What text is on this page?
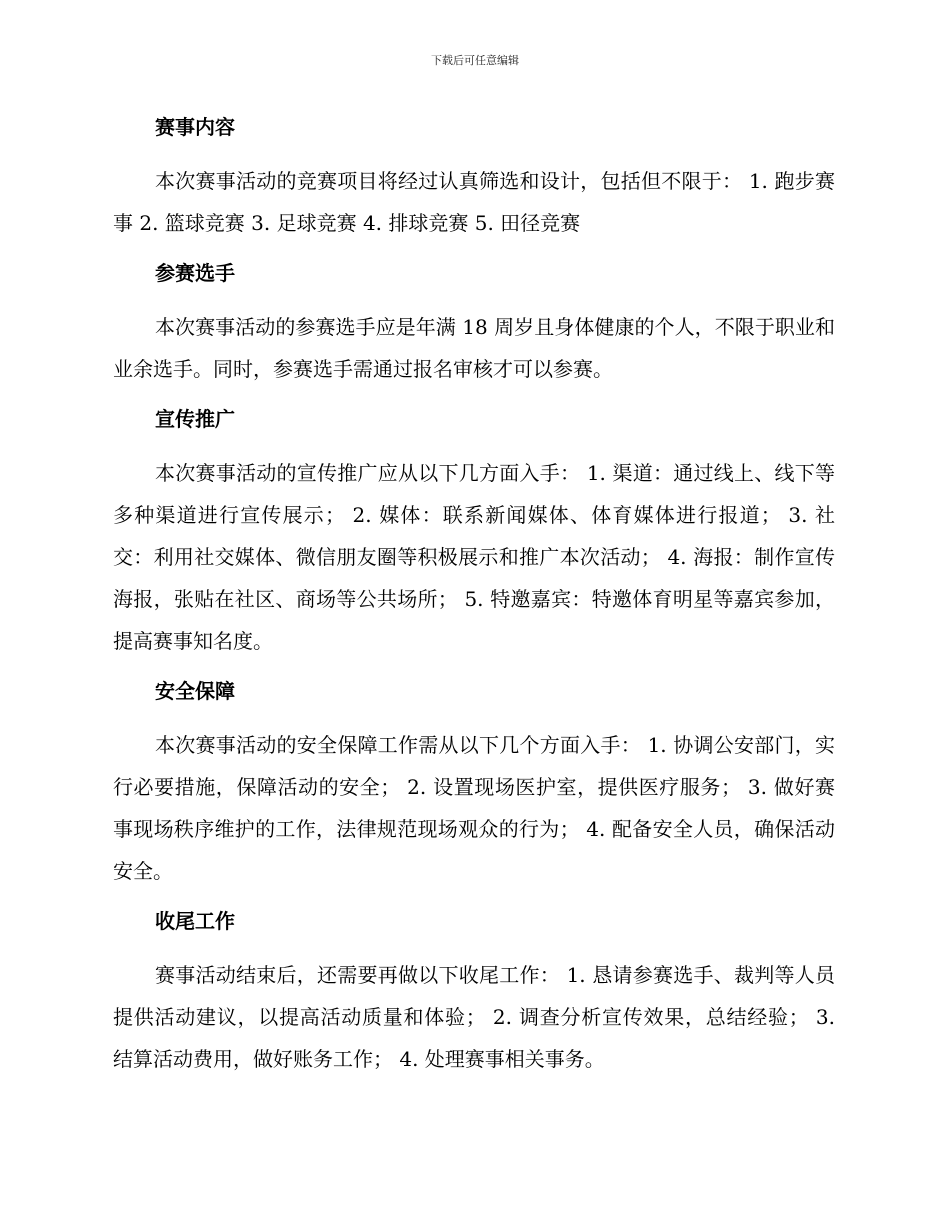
下载后可任意编辑
赛事内容

本次赛事活动的竞赛项目将经过认真筛选和设计，包括但不限于： 1. 跑步赛事 2. 篮球竞赛 3. 足球竞赛 4. 排球竞赛 5. 田径竞赛

参赛选手

本次赛事活动的参赛选手应是年满 18 周岁且身体健康的个人，不限于职业和业余选手。同时，参赛选手需通过报名审核才可以参赛。

宣传推广

本次赛事活动的宣传推广应从以下几方面入手： 1. 渠道：通过线上、线下等多种渠道进行宣传展示； 2. 媒体：联系新闻媒体、体育媒体进行报道； 3. 社交：利用社交媒体、微信朋友圈等积极展示和推广本次活动； 4. 海报：制作宣传海报，张贴在社区、商场等公共场所； 5. 特邀嘉宾：特邀体育明星等嘉宾参加，提高赛事知名度。

安全保障

本次赛事活动的安全保障工作需从以下几个方面入手： 1. 协调公安部门，实行必要措施，保障活动的安全； 2. 设置现场医护室，提供医疗服务； 3. 做好赛事现场秩序维护的工作，法律规范现场观众的行为； 4. 配备安全人员，确保活动安全。

收尾工作

赛事活动结束后，还需要再做以下收尾工作： 1. 恳请参赛选手、裁判等人员提供活动建议，以提高活动质量和体验； 2. 调查分析宣传效果，总结经验； 3. 结算活动费用，做好账务工作； 4. 处理赛事相关事务。
